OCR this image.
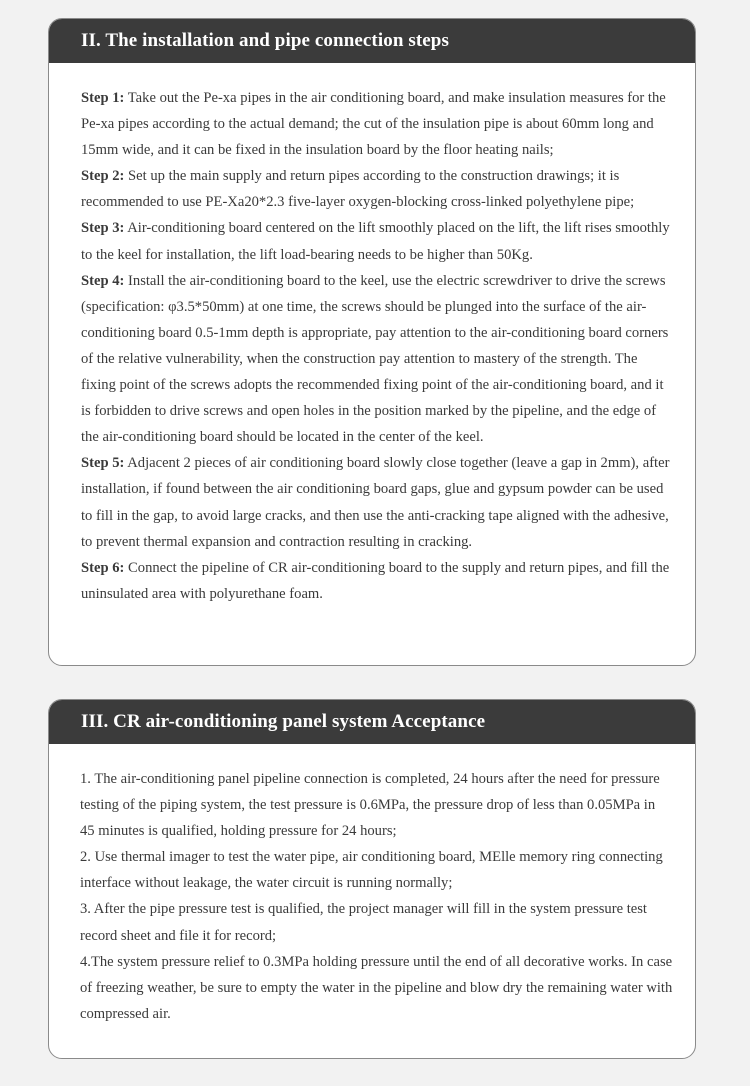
II. The installation and pipe connection steps

Step 1: Take out the Pe-xa pipes in the air conditioning board, and make insulation measures for the Pe-xa pipes according to the actual demand; the cut of the insulation pipe is about 60mm long and 15mm wide, and it can be fixed in the insulation board by the floor heating nails;

Step 2: Set up the main supply and return pipes according to the construction drawings; it is recommended to use PE-Xa20*2.3 five-layer oxygen-blocking cross-linked polyethylene pipe;

Step 3: Air-conditioning board centered on the lift smoothly placed on the lift, the lift rises smoothly to the keel for installation, the lift load-bearing needs to be higher than 50Kg.

Step 4: Install the air-conditioning board to the keel, use the electric screwdriver to drive the screws (specification: φ3.5*50mm) at one time, the screws should be plunged into the surface of the air-conditioning board 0.5-1mm depth is appropriate, pay attention to the air-conditioning board corners of the relative vulnerability, when the construction pay attention to mastery of the strength. The fixing point of the screws adopts the recommended fixing point of the air-conditioning board, and it is forbidden to drive screws and open holes in the position marked by the pipeline, and the edge of the air-conditioning board should be located in the center of the keel.

Step 5: Adjacent 2 pieces of air conditioning board slowly close together (leave a gap in 2mm), after installation, if found between the air conditioning board gaps, glue and gypsum powder can be used to fill in the gap, to avoid large cracks, and then use the anti-cracking tape aligned with the adhesive, to prevent thermal expansion and contraction resulting in cracking.

Step 6: Connect the pipeline of CR air-conditioning board to the supply and return pipes, and fill the uninsulated area with polyurethane foam.

III. CR air-conditioning panel system Acceptance

1. The air-conditioning panel pipeline connection is completed, 24 hours after the need for pressure testing of the piping system, the test pressure is 0.6MPa, the pressure drop of less than 0.05MPa in 45 minutes is qualified, holding pressure for 24 hours;

2. Use thermal imager to test the water pipe, air conditioning board, MElle memory ring connecting interface without leakage, the water circuit is running normally;

3. After the pipe pressure test is qualified, the project manager will fill in the system pressure test record sheet and file it for record;

4.The system pressure relief to 0.3MPa holding pressure until the end of all decorative works. In case of freezing weather, be sure to empty the water in the pipeline and blow dry the remaining water with compressed air.
